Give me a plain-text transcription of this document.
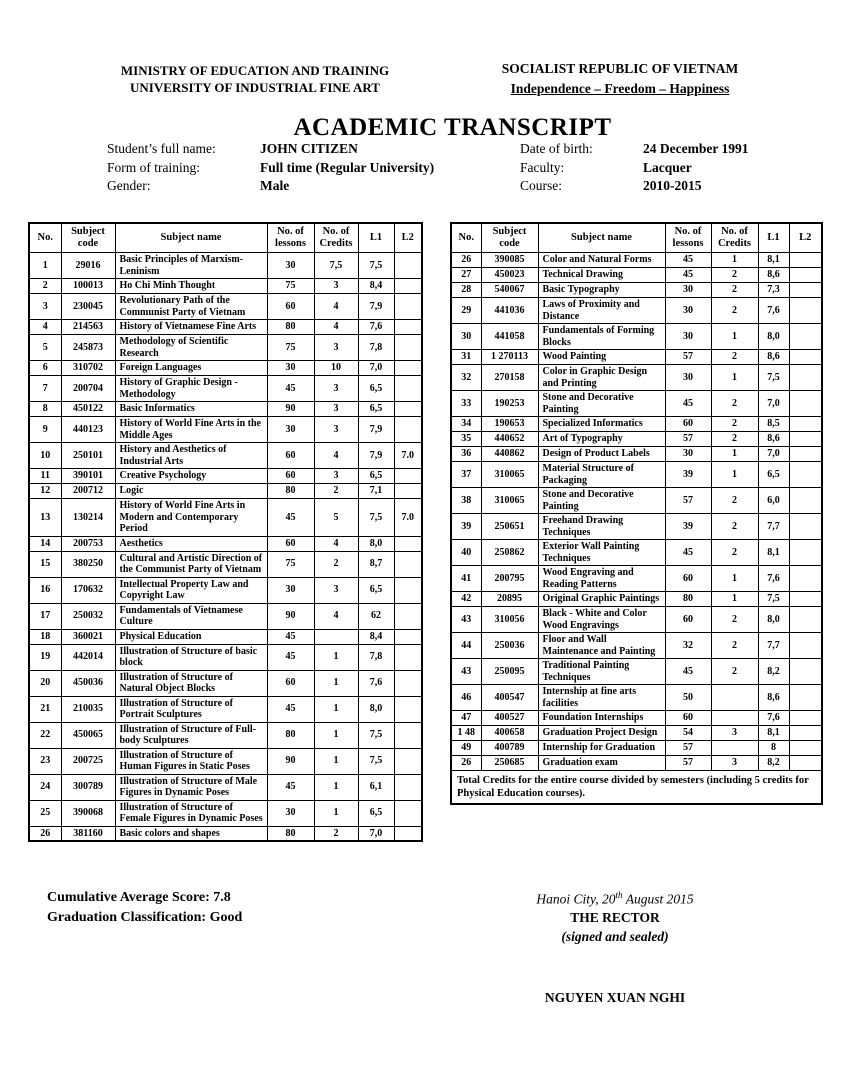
MINISTRY OF EDUCATION AND TRAINING
UNIVERSITY OF INDUSTRIAL FINE ART
SOCIALIST REPUBLIC OF VIETNAM
Independence – Freedom – Happiness
ACADEMIC TRANSCRIPT
Student’s full name:	JOHN CITIZEN	Date of birth:	24 December 1991
Form of training:	Full time (Regular University)	Faculty:	Lacquer
Gender:	Male	Course:	2010-2015
No.	Subject code	Subject name	No. of lessons	No. of Credits	L1	L2
1	29016	Basic Principles of Marxism-Leninism	30	7,5	7,5	
2	100013	Ho Chi Minh Thought	75	3	8,4	
3	230045	Revolutionary Path of the Communist Party of Vietnam	60	4	7,9	
4	214563	History of Vietnamese Fine Arts	80	4	7,6	
5	245873	Methodology of Scientific Research	75	3	7,8	
6	310702	Foreign Languages	30	10	7,0	
7	200704	History of Graphic Design - Methodology	45	3	6,5	
8	450122	Basic Informatics	90	3	6,5	
9	440123	History of World Fine Arts in the Middle Ages	30	3	7,9	
10	250101	History and Aesthetics of Industrial Arts	60	4	7,9	7.0
11	390101	Creative Psychology	60	3	6,5	
12	200712	Logic	80	2	7,1	
13	130214	History of World Fine Arts in Modern and Contemporary Period	45	5	7,5	7.0
14	200753	Aesthetics	60	4	8,0	
15	380250	Cultural and Artistic Direction of the Communist Party of Vietnam	75	2	8,7	
16	170632	Intellectual Property Law and Copyright Law	30	3	6,5	
17	250032	Fundamentals of Vietnamese Culture	90	4	62	
18	360021	Physical Education	45		8,4	
19	442014	Illustration of Structure of basic block	45	1	7,8	
20	450036	Illustration of Structure of Natural Object Blocks	60	1	7,6	
21	210035	Illustration of Structure of Portrait Sculptures	45	1	8,0	
22	450065	Illustration of Structure of Full-body Sculptures	80	1	7,5	
23	200725	Illustration of Structure of Human Figures in Static Poses	90	1	7,5	
24	300789	Illustration of Structure of Male Figures in Dynamic Poses	45	1	6,1	
25	390068	Illustration of Structure of Female Figures in Dynamic Poses	30	1	6,5	
26	381160	Basic colors and shapes	80	2	7,0	
No.	Subject code	Subject name	No. of lessons	No. of Credits	L1	L2
26	390085	Color and Natural Forms	45	1	8,1	
27	450023	Technical Drawing	45	2	8,6	
28	540067	Basic Typography	30	2	7,3	
29	441036	Laws of Proximity and Distance	30	2	7,6	
30	441058	Fundamentals of Forming Blocks	30	1	8,0	
31	1 270113	Wood Painting	57	2	8,6	
32	270158	Color in Graphic Design and Printing	30	1	7,5	
33	190253	Stone and Decorative Painting	45	2	7,0	
34	190653	Specialized Informatics	60	2	8,5	
35	440652	Art of Typography	57	2	8,6	
36	440862	Design of Product Labels	30	1	7,0	
37	310065	Material Structure of Packaging	39	1	6,5	
38	310065	Stone and Decorative Painting	57	2	6,0	
39	250651	Freehand Drawing Techniques	39	2	7,7	
40	250862	Exterior Wall Painting Techniques	45	2	8,1	
41	200795	Wood Engraving and Reading Patterns	60	1	7,6	
42	20895	Original Graphic Paintings	80	1	7,5	
43	310056	Black - White and Color Wood Engravings	60	2	8,0	
44	250036	Floor and Wall Maintenance and Painting	32	2	7,7	
43	250095	Traditional Painting Techniques	45	2	8,2	
46	400547	Internship at fine arts facilities	50		8,6	
47	400527	Foundation Internships	60		7,6	
1 48	400658	Graduation Project Design	54	3	8,1	
49	400789	Internship for Graduation	57		8	
26	250685	Graduation exam	57	3	8,2	
Total Credits for the entire course divided by semesters (including 5 credits for Physical Education courses).						
Cumulative Average Score: 7.8
Graduation Classification: Good
Hanoi City, 20th August 2015
THE RECTOR
(signed and sealed)
NGUYEN XUAN NGHI
